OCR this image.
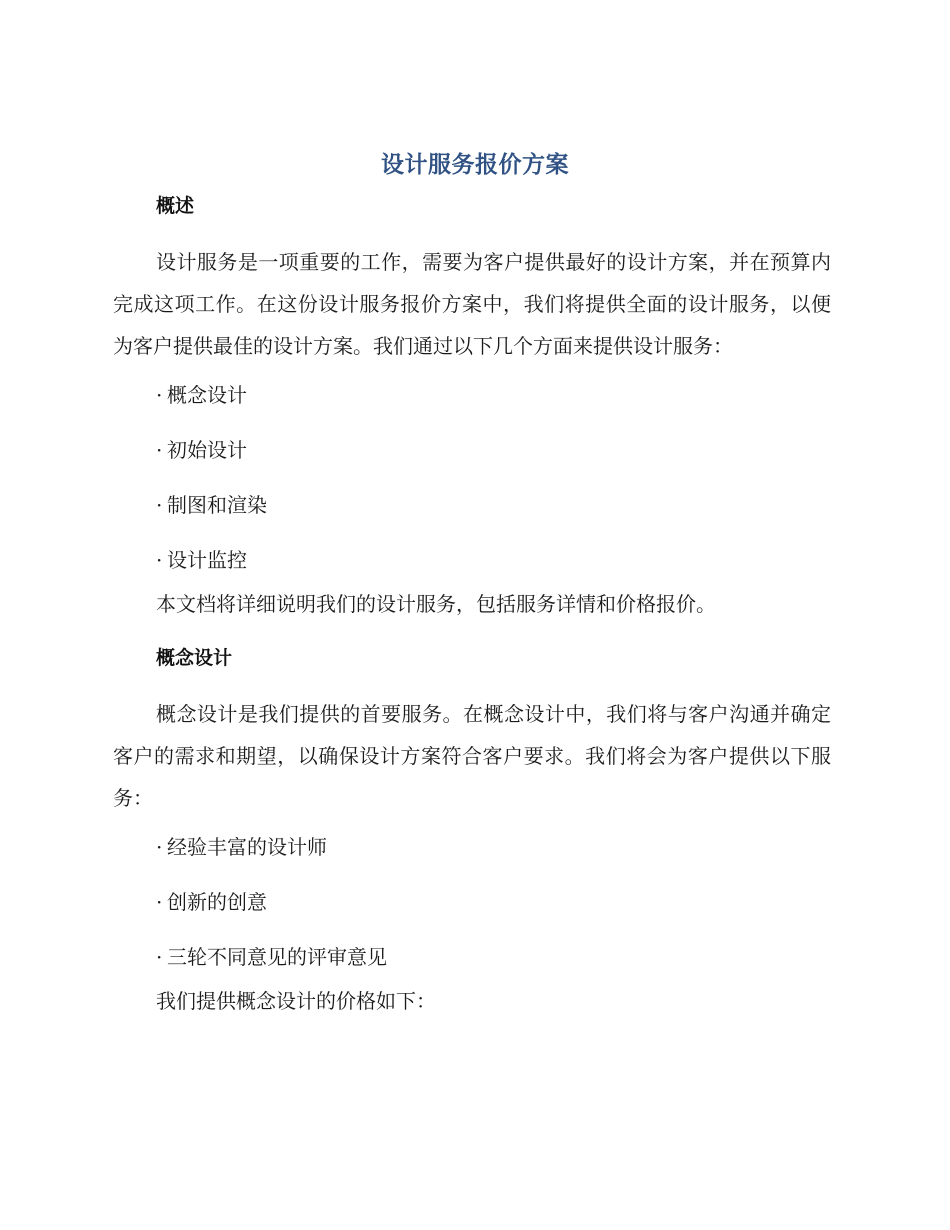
设计服务报价方案
概述

设计服务是一项重要的工作，需要为客户提供最好的设计方案，并在预算内完成这项工作。在这份设计服务报价方案中，我们将提供全面的设计服务，以便为客户提供最佳的设计方案。我们通过以下几个方面来提供设计服务：

· 概念设计
· 初始设计
· 制图和渲染
· 设计监控

本文档将详细说明我们的设计服务，包括服务详情和价格报价。

概念设计

概念设计是我们提供的首要服务。在概念设计中，我们将与客户沟通并确定客户的需求和期望，以确保设计方案符合客户要求。我们将会为客户提供以下服务：

· 经验丰富的设计师
· 创新的创意
· 三轮不同意见的评审意见

我们提供概念设计的价格如下：
